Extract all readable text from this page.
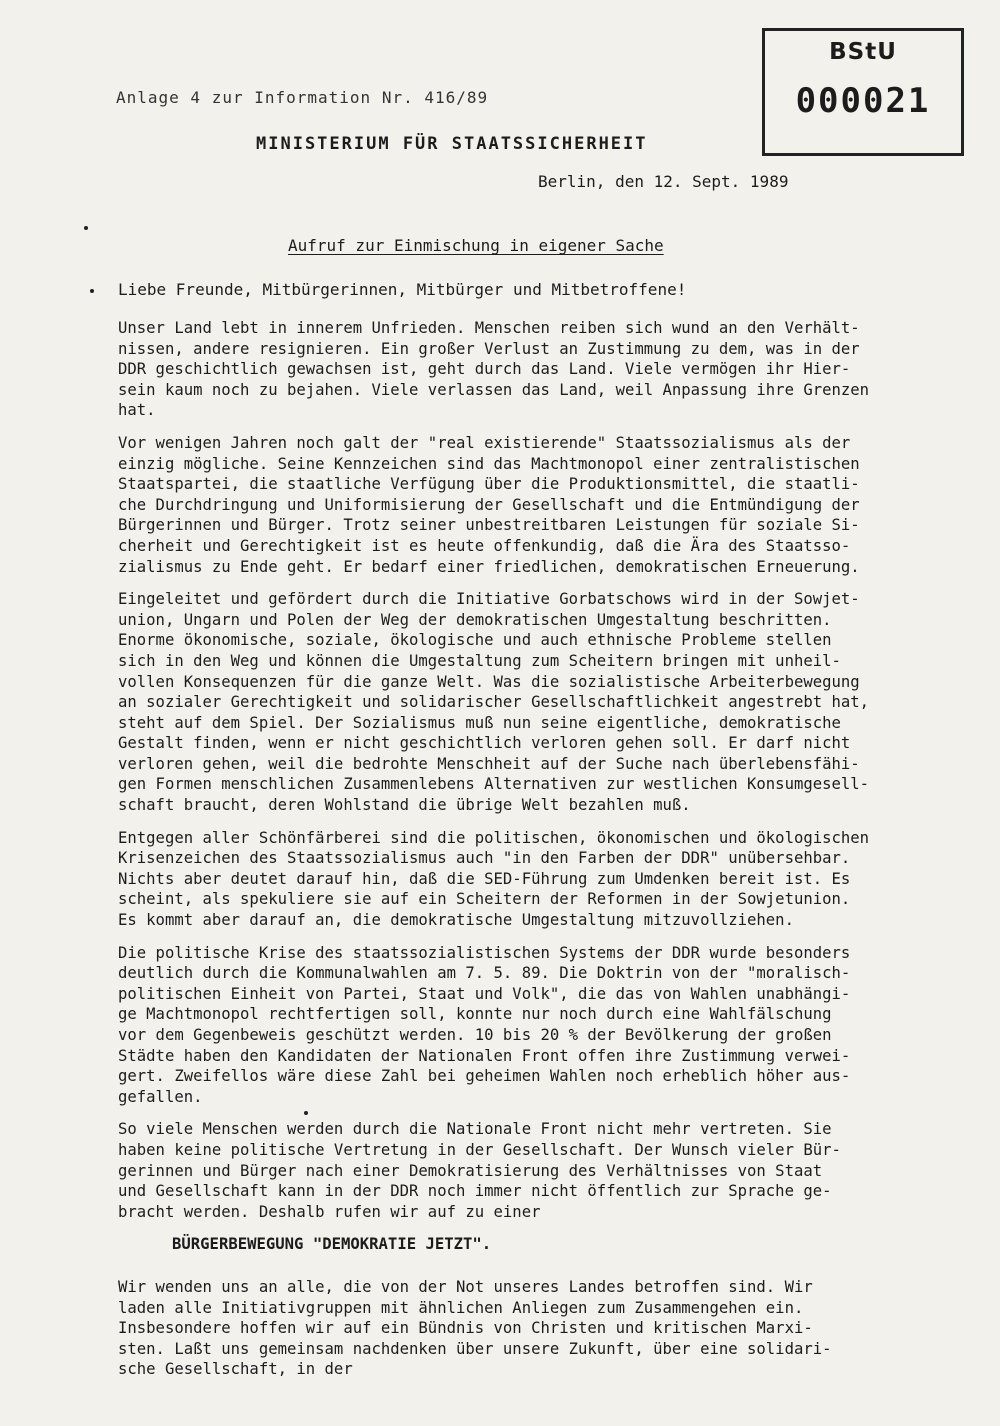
BStU
000021
Anlage 4 zur Information Nr. 416/89
MINISTERIUM FÜR STAATSSICHERHEIT
Berlin, den 12. Sept. 1989
Aufruf zur Einmischung in eigener Sache
Liebe Freunde, Mitbürgerinnen, Mitbürger und Mitbetroffene!
Unser Land lebt in innerem Unfrieden. Menschen reiben sich wund an den Verhält-
nissen, andere resignieren. Ein großer Verlust an Zustimmung zu dem, was in der
DDR geschichtlich gewachsen ist, geht durch das Land. Viele vermögen ihr Hier-
sein kaum noch zu bejahen. Viele verlassen das Land, weil Anpassung ihre Grenzen
hat.
Vor wenigen Jahren noch galt der "real existierende" Staatssozialismus als der
einzig mögliche. Seine Kennzeichen sind das Machtmonopol einer zentralistischen
Staatspartei, die staatliche Verfügung über die Produktionsmittel, die staatli-
che Durchdringung und Uniformisierung der Gesellschaft und die Entmündigung der
Bürgerinnen und Bürger. Trotz seiner unbestreitbaren Leistungen für soziale Si-
cherheit und Gerechtigkeit ist es heute offenkundig, daß die Ära des Staatsso-
zialismus zu Ende geht. Er bedarf einer friedlichen, demokratischen Erneuerung.
Eingeleitet und gefördert durch die Initiative Gorbatschows wird in der Sowjet-
union, Ungarn und Polen der Weg der demokratischen Umgestaltung beschritten.
Enorme ökonomische, soziale, ökologische und auch ethnische Probleme stellen
sich in den Weg und können die Umgestaltung zum Scheitern bringen mit unheil-
vollen Konsequenzen für die ganze Welt. Was die sozialistische Arbeiterbewegung
an sozialer Gerechtigkeit und solidarischer Gesellschaftlichkeit angestrebt hat,
steht auf dem Spiel. Der Sozialismus muß nun seine eigentliche, demokratische
Gestalt finden, wenn er nicht geschichtlich verloren gehen soll. Er darf nicht
verloren gehen, weil die bedrohte Menschheit auf der Suche nach überlebensfähi-
gen Formen menschlichen Zusammenlebens Alternativen zur westlichen Konsumgesell-
schaft braucht, deren Wohlstand die übrige Welt bezahlen muß.
Entgegen aller Schönfärberei sind die politischen, ökonomischen und ökologischen
Krisenzeichen des Staatssozialismus auch "in den Farben der DDR" unübersehbar.
Nichts aber deutet darauf hin, daß die SED-Führung zum Umdenken bereit ist. Es
scheint, als spekuliere sie auf ein Scheitern der Reformen in der Sowjetunion.
Es kommt aber darauf an, die demokratische Umgestaltung mitzuvollziehen.
Die politische Krise des staatssozialistischen Systems der DDR wurde besonders
deutlich durch die Kommunalwahlen am 7. 5. 89. Die Doktrin von der "moralisch-
politischen Einheit von Partei, Staat und Volk", die das von Wahlen unabhängi-
ge Machtmonopol rechtfertigen soll, konnte nur noch durch eine Wahlfälschung
vor dem Gegenbeweis geschützt werden. 10 bis 20 % der Bevölkerung der großen
Städte haben den Kandidaten der Nationalen Front offen ihre Zustimmung verwei-
gert. Zweifellos wäre diese Zahl bei geheimen Wahlen noch erheblich höher aus-
gefallen.
So viele Menschen werden durch die Nationale Front nicht mehr vertreten. Sie
haben keine politische Vertretung in der Gesellschaft. Der Wunsch vieler Bür-
gerinnen und Bürger nach einer Demokratisierung des Verhältnisses von Staat
und Gesellschaft kann in der DDR noch immer nicht öffentlich zur Sprache ge-
bracht werden. Deshalb rufen wir auf zu einer
BÜRGERBEWEGUNG "DEMOKRATIE JETZT".
Wir wenden uns an alle, die von der Not unseres Landes betroffen sind. Wir
laden alle Initiativgruppen mit ähnlichen Anliegen zum Zusammengehen ein.
Insbesondere hoffen wir auf ein Bündnis von Christen und kritischen Marxi-
sten. Laßt uns gemeinsam nachdenken über unsere Zukunft, über eine solidari-
sche Gesellschaft, in der
